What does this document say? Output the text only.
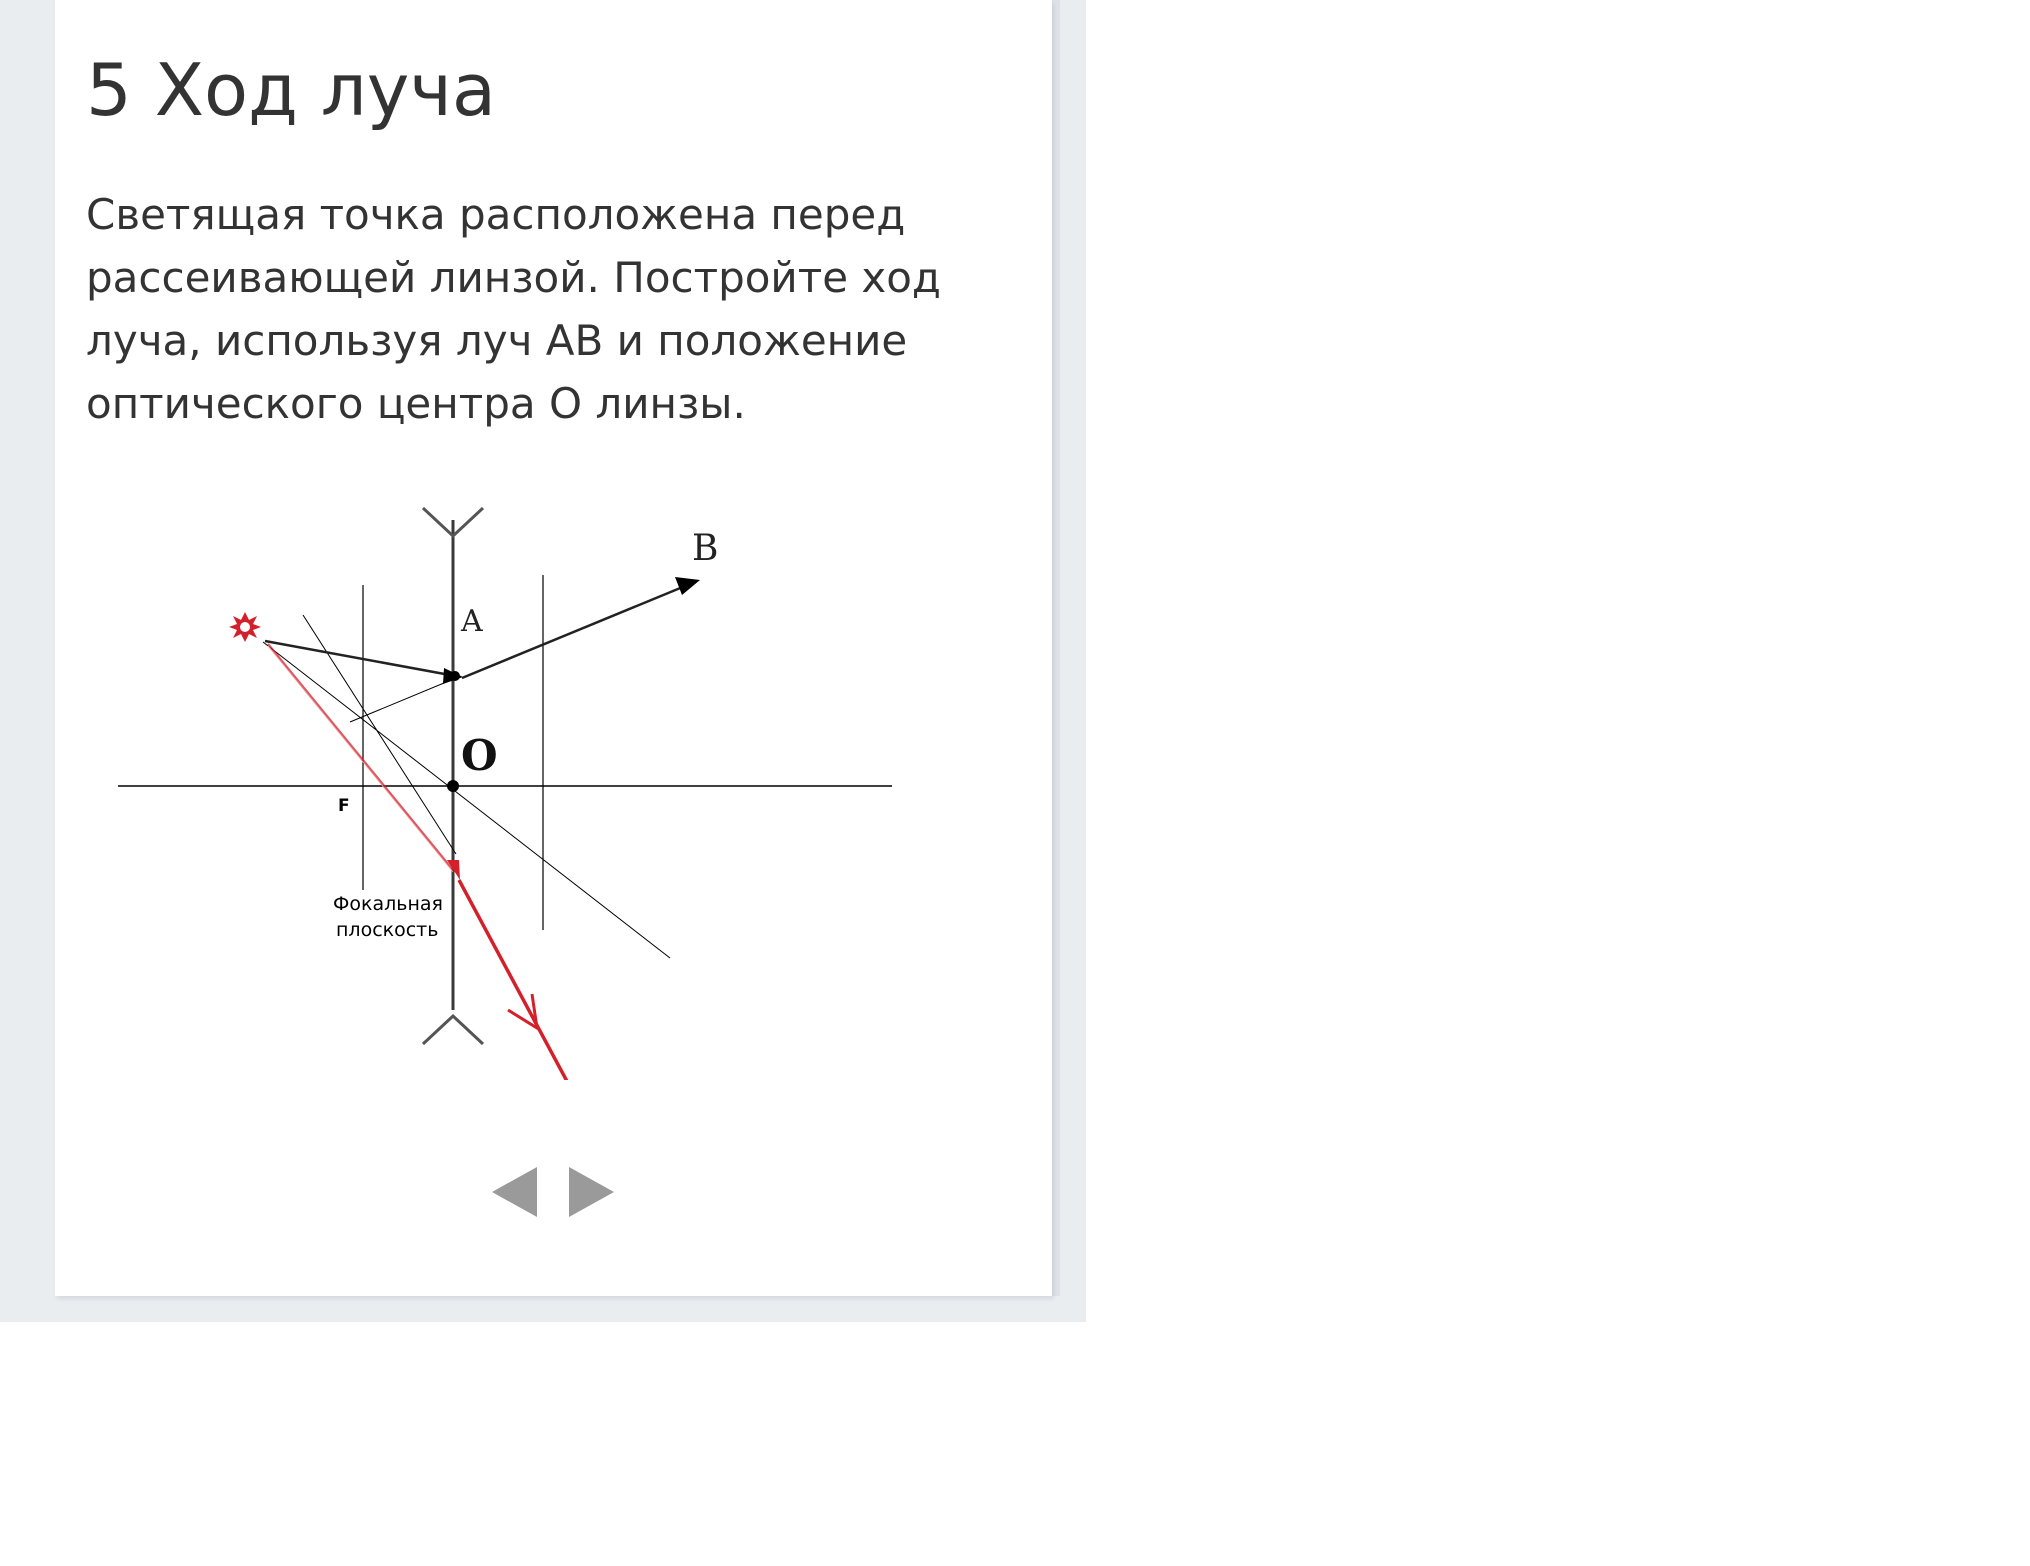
5 Ход луча

Светящая точка расположена перед рассеивающей линзой. Постройте ход луча, используя луч АВ и положение оптического центра О линзы.

B
A
O
F
Фокальная
плоскость
